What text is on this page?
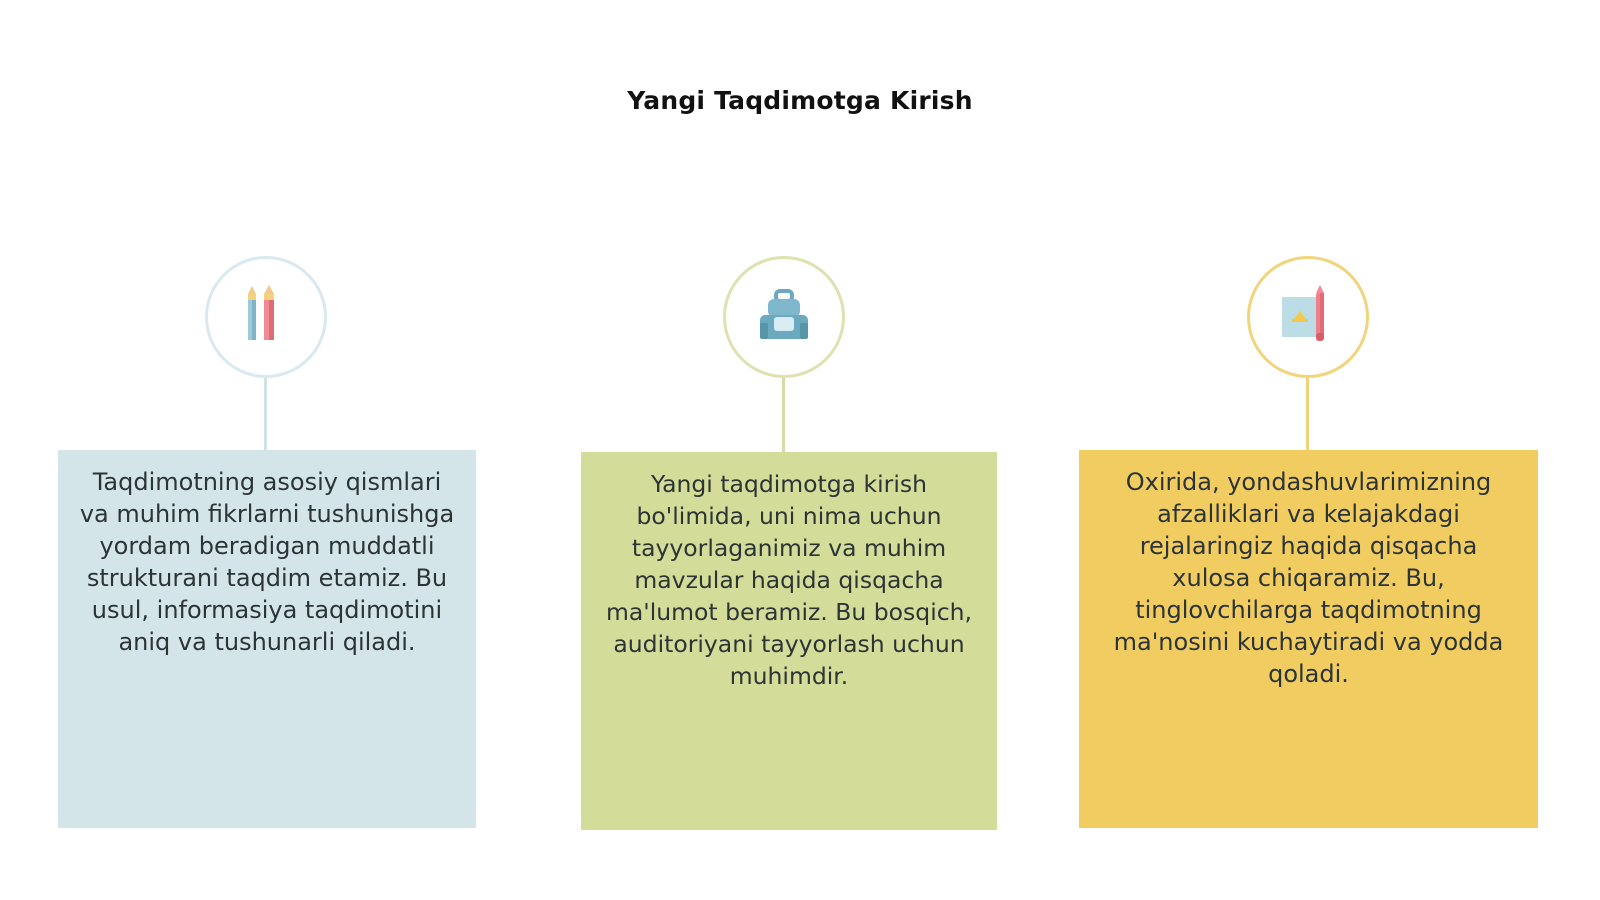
Yangi Taqdimotga Kirish

Taqdimotning asosiy qismlari va muhim fikrlarni tushunishga yordam beradigan muddatli strukturani taqdim etamiz. Bu usul, informasiya taqdimotini aniq va tushunarli qiladi.

Yangi taqdimotga kirish bo'limida, uni nima uchun tayyorlaganimiz va muhim mavzular haqida qisqacha ma'lumot beramiz. Bu bosqich, auditoriyani tayyorlash uchun muhimdir.

Oxirida, yondashuvlarimizning afzalliklari va kelajakdagi rejalaringiz haqida qisqacha xulosa chiqaramiz. Bu, tinglovchilarga taqdimotning ma'nosini kuchaytiradi va yodda qoladi.
